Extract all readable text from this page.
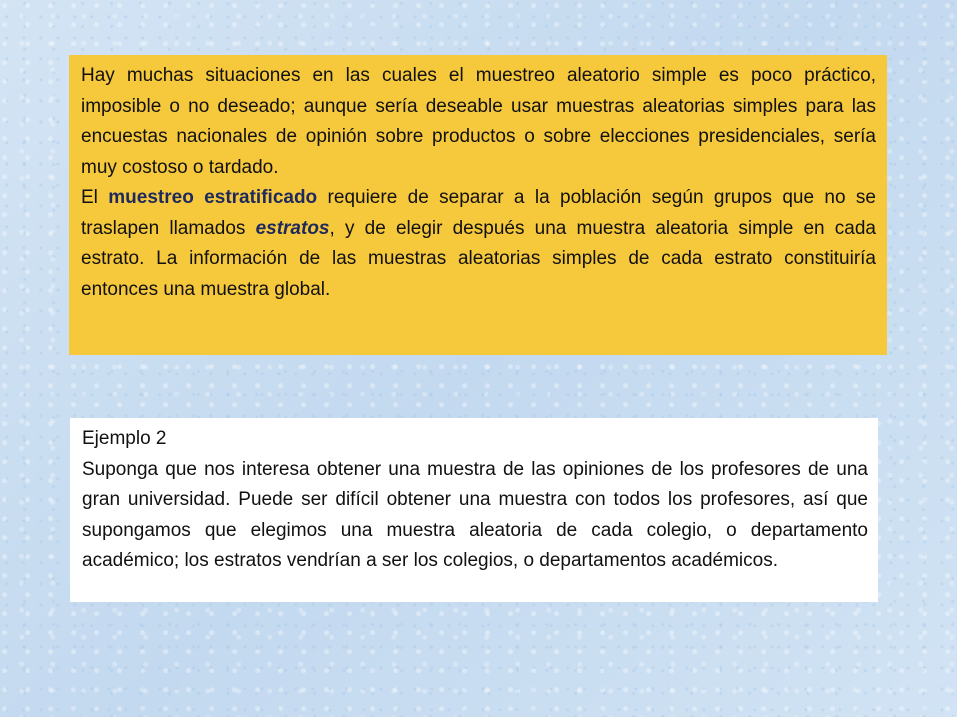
Hay muchas situaciones en las cuales el muestreo aleatorio simple es poco práctico, imposible o no deseado; aunque sería deseable usar muestras aleatorias simples para las encuestas nacionales de opinión sobre productos o sobre elecciones presidenciales, sería muy costoso o tardado.

El muestreo estratificado requiere de separar a la población según grupos que no se traslapen llamados estratos, y de elegir después una muestra aleatoria simple en cada estrato. La información de las muestras aleatorias simples de cada estrato constituiría entonces una muestra global.

Ejemplo 2

Suponga que nos interesa obtener una muestra de las opiniones de los profesores de una gran universidad. Puede ser difícil obtener una muestra con todos los profesores, así que supongamos que elegimos una muestra aleatoria de cada colegio, o departamento académico; los estratos vendrían a ser los colegios, o departamentos académicos.
